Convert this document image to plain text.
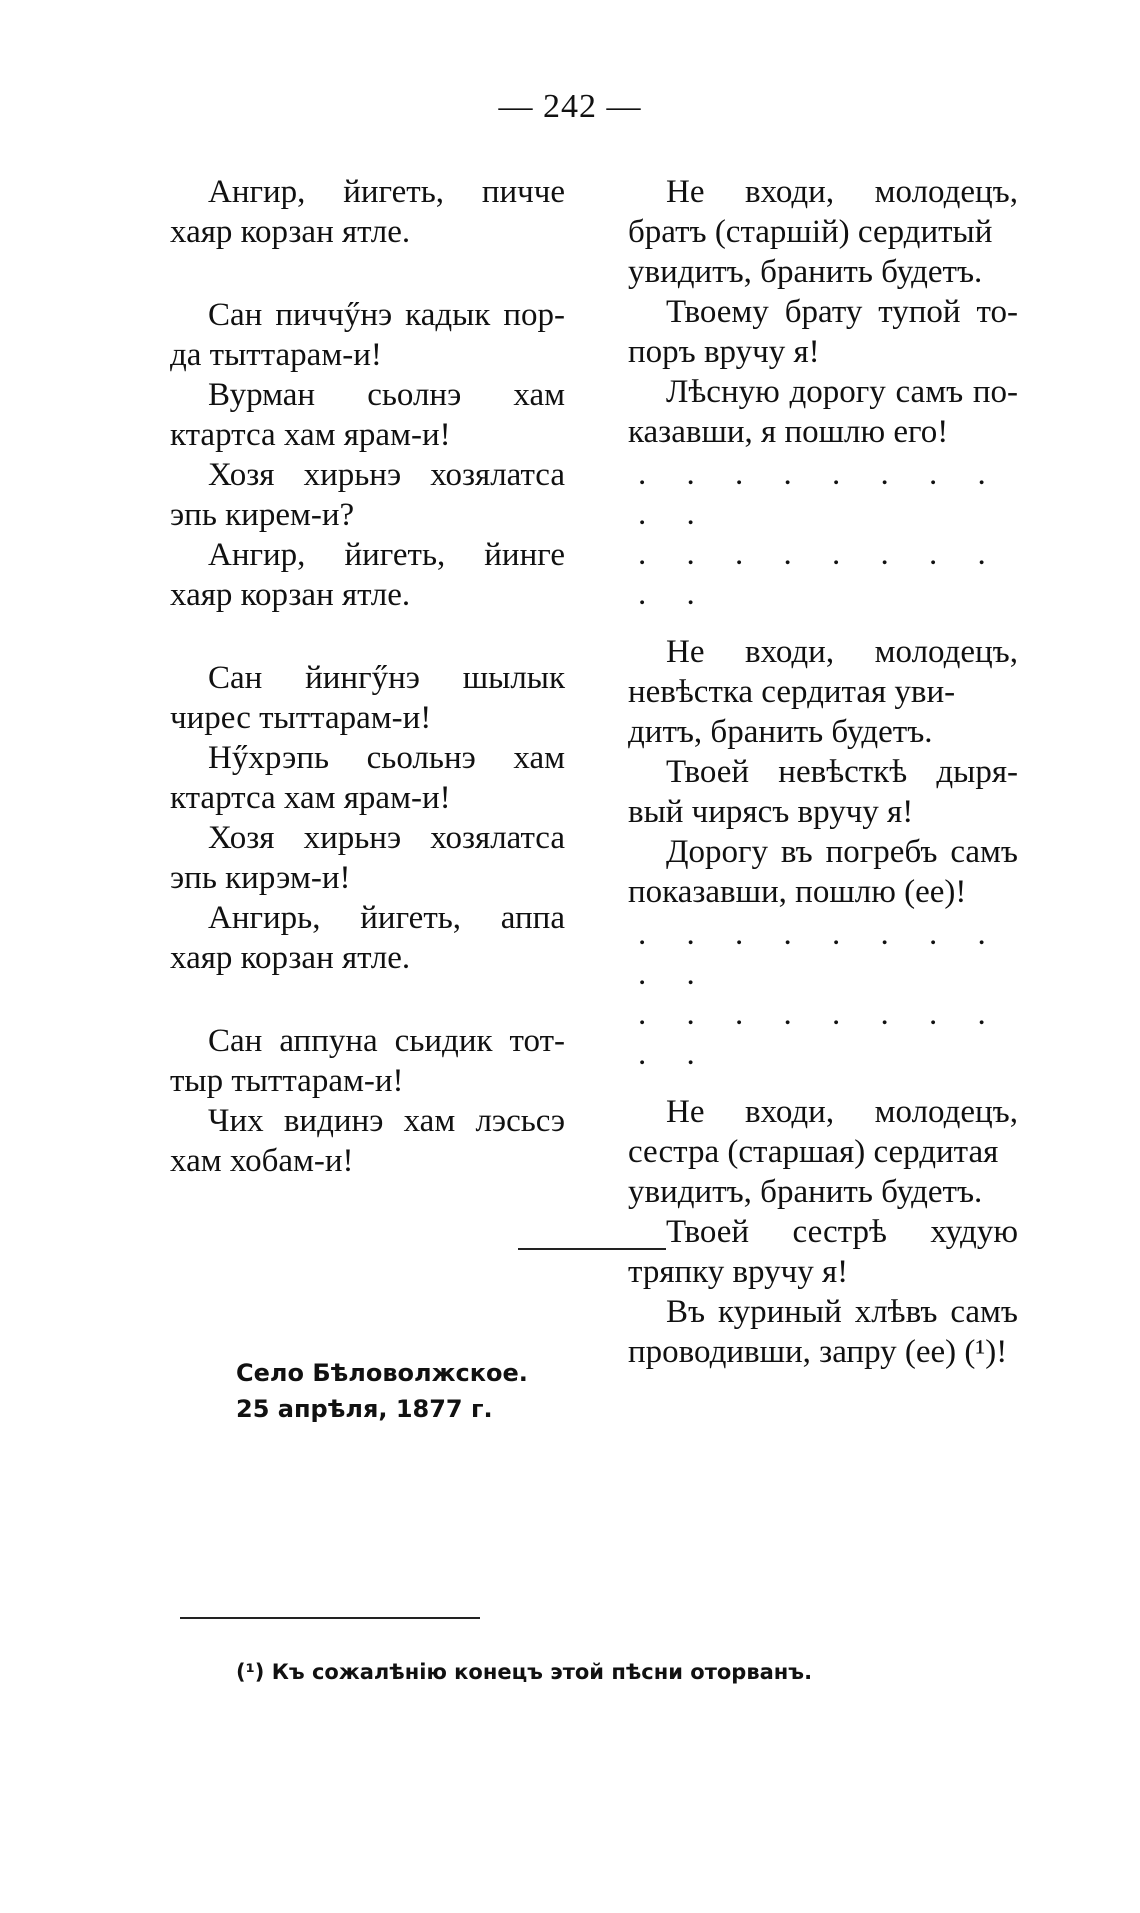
— 242 —
Ангир, йигеть, пичче
хаяр корзан ятле.
Сан пиччӳнэ кадык пор-
да тыттарам-и!
Вурман сьолнэ хам
ктартса хам ярам-и!
Хозя хирьнэ хозялатса
эпь кирем-и?
Ангир, йигеть, йинге
хаяр корзан ятле.
Сан йингӳнэ шылык
чирес тыттарам-и!
Нӳхрэпь сьольнэ хам
ктартса хам ярам-и!
Хозя хирьнэ хозялатса
эпь кирэм-и!
Ангирь, йигеть, аппа
хаяр корзан ятле.
Сан аппуна сьидик тот-
тыр тыттарам-и!
Чих видинэ хам лэсьсэ
хам хобам-и!
Не входи, молодецъ,
братъ (старшій) сердитый
увидитъ, бранить будетъ.
Твоему брату тупой то-
поръ вручу я!
Лѣсную дорогу самъ по-
казавши, я пошлю его!
. . . . . . . . . .
. . . . . . . . . .
Не входи, молодецъ,
невѣстка сердитая уви-
дитъ, бранить будетъ.
Твоей невѣсткѣ дыря-
вый чирясъ вручу я!
Дорогу въ погребъ самъ
показавши, пошлю (ее)!
. . . . . . . . . .
. . . . . . . . . .
Не входи, молодецъ,
сестра (старшая) сердитая
увидитъ, бранить будетъ.
Твоей сестрѣ худую
тряпку вручу я!
Въ куриный хлѣвъ самъ
проводивши, запру (ее) (¹)!
Село Бѣловолжское.
25 апрѣля, 1877 г.
(¹) Къ сожалѣнію конецъ этой пѣсни оторванъ.
